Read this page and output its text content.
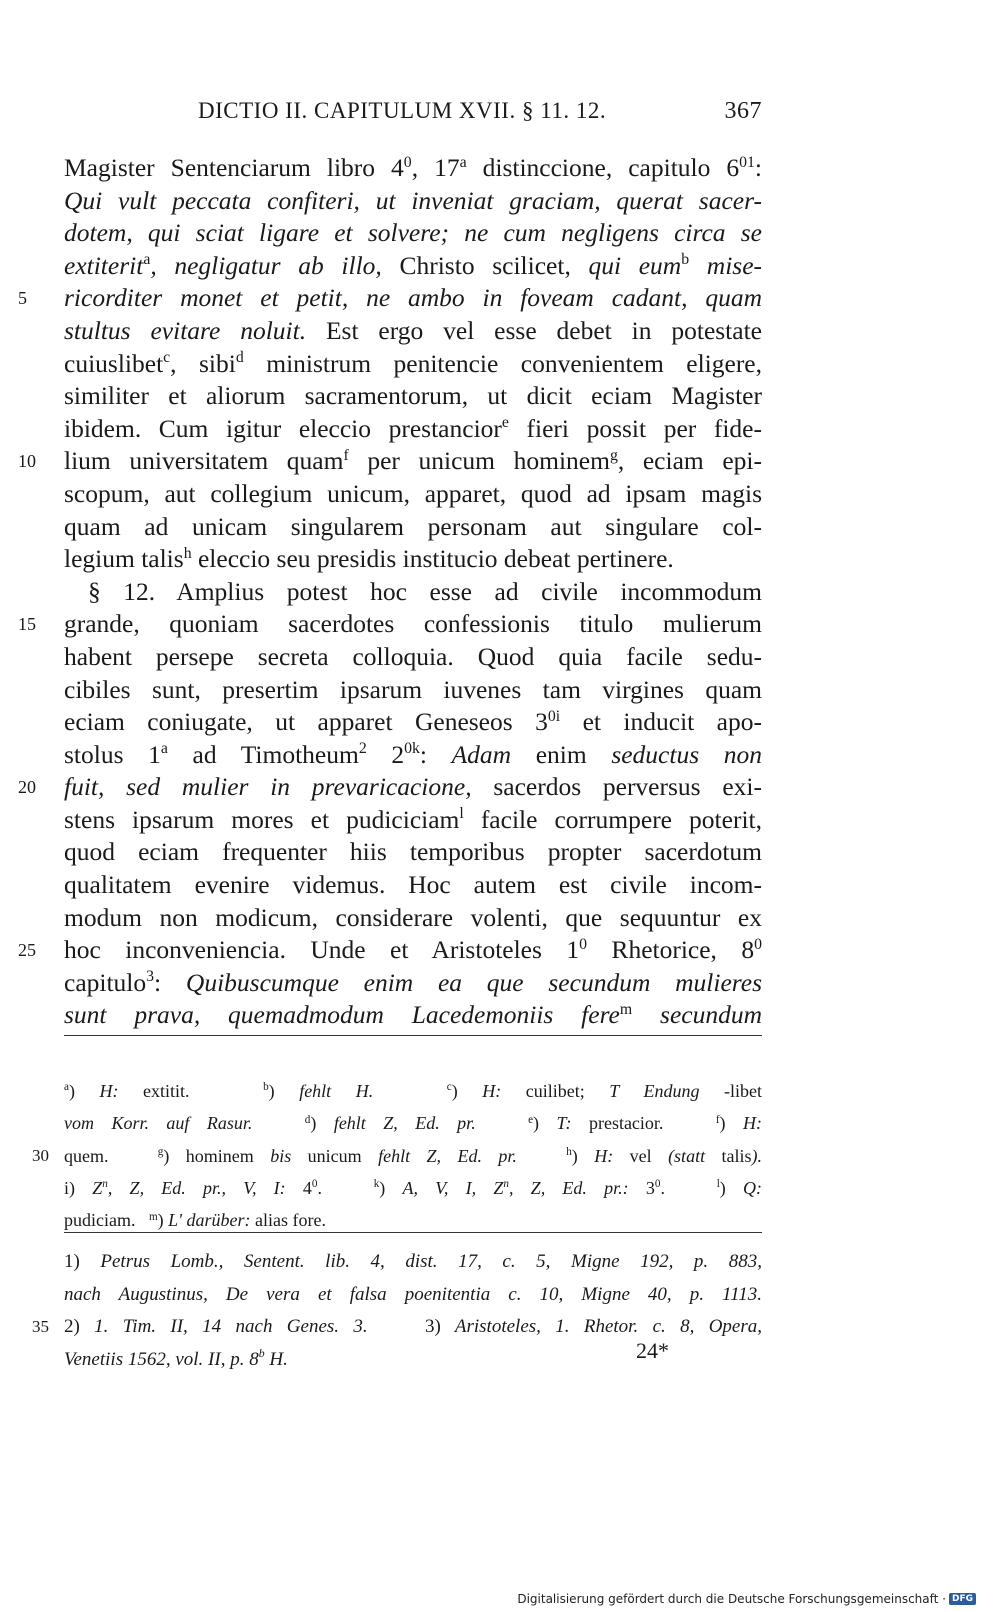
DICTIO II. CAPITULUM XVII. § 11. 12.	367
Magister Sentenciarum libro $4^0$, 17$^a$ distinccione, capitulo $6^{01}$:
Qui vult peccata confiteri, ut inveniat graciam, querat sacer-
dotem, qui sciat ligare et solvere; ne cum negligens circa se
extiterit$^a$, negligatur ab illo, Christo scilicet, qui eum$^b$ mise-
5	ricorditer monet et petit, ne ambo in foveam cadant, quam
stultus evitare noluit. Est ergo vel esse debet in potestate
cuiuslibet$^c$, sibi$^d$ ministrum penitencie convenientem eligere,
similiter et aliorum sacramentorum, ut dicit eciam Magister
ibidem. Cum igitur eleccio prestancior$^e$ fieri possit per fide-
10	lium universitatem quam$^f$ per unicum hominem$^g$, eciam epi-
scopum, aut collegium unicum, apparet, quod ad ipsam magis
quam ad unicam singularem personam aut singulare col-
legium talis$^h$ eleccio seu presidis institucio debeat pertinere.
§ 12. Amplius potest hoc esse ad civile incommodum
15	grande, quoniam sacerdotes confessionis titulo mulierum
habent persepe secreta colloquia. Quod quia facile sedu-
cibiles sunt, presertim ipsarum iuvenes tam virgines quam
eciam coniugate, ut apparet Geneseos $3^{0i}$ et inducit apo-
stolus 1$^a$ ad Timotheum$^2$ $2^{0k}$: Adam enim seductus non
20	fuit, sed mulier in prevaricacione, sacerdos perversus exi-
stens ipsarum mores et pudiciciam$^l$ facile corrumpere poterit,
quod eciam frequenter hiis temporibus propter sacerdotum
qualitatem evenire videmus. Hoc autem est civile incom-
modum non modicum, considerare volenti, que sequuntur ex
25	hoc inconveniencia. Unde et Aristoteles $1^0$ Rhetorice, $8^0$
capitulo$^3$: Quibuscumque enim ea que secundum mulieres
sunt prava, quemadmodum Lacedemoniis fere$^m$ secundum
$^a$) H: extitit.   $^b$) fehlt H.	$^c$) H: cuilibet; T Endung -libet
vom Korr. auf Rasur.	$^d$) fehlt Z, Ed. pr.	$^e$) T: prestacior.   $^f$) H:
30 quem.   $^g$) hominem bis unicum fehlt Z, Ed. pr.	$^h$) H: vel (statt talis).
i) $Z^n$, Z, Ed. pr., V, I: $4^0$.   $^k$) A, V, I, $Z^n$, Z, Ed. pr.: $3^0$.   $^l$) Q:
pudiciam.   $^m$) L' darüber: alias fore.
1) Petrus Lomb., Sentent. lib. 4, dist. 17, c. 5, Migne 192, p. 883,
nach Augustinus, De vera et falsa poenitentia c. 10, Migne 40, p. 1113.
35 2) 1. Tim. II, 14 nach Genes. 3.    3) Aristoteles, 1. Rhetor. c. 8, Opera,
Venetiis 1562, vol. II, p. 8$^b$ H.	24*
Digitalisierung gefördert durch die Deutsche Forschungsgemeinschaft · DFG
